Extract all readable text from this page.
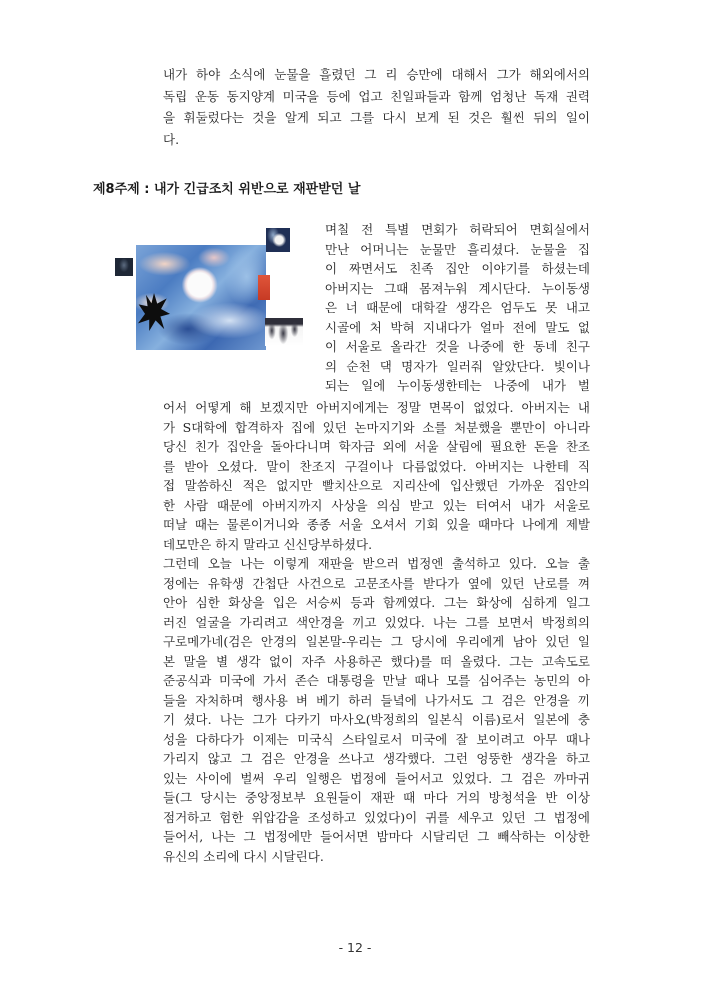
내가 하야 소식에 눈물을 흘렸던 그 리 승만에 대해서 그가 해외에서의
독립 운동 동지양계 미국을 등에 업고 친일파들과 함께 엄청난 독재 권력
을 휘둘렀다는 것을 알게 되고 그를 다시 보게 된 것은 훨씬 뒤의 일이
다.
제8주제 : 내가 긴급조치 위반으로 재판받던 날
며칠 전 특별 면회가 허락되어 면회실에서
만난 어머니는 눈물만 흘리셨다. 눈물을 집
이 짜면서도 친족 집안 이야기를 하셨는데
아버지는 그때 몸져누워 계시단다. 누이동생
은 너 때문에 대학갈 생각은 엄두도 못 내고
시골에 처 박혀 지내다가 얼마 전에 말도 없
이 서울로 올라간 것을 나중에 한 동네 친구
의 순천 댁 명자가 일러줘 알았단다. 빛이나
되는 일에 누이동생한테는 나중에 내가 벌
어서 어떻게 해 보겠지만 아버지에게는 정말 면목이 없었다. 아버지는 내
가 S대학에 합격하자 집에 있던 논마지기와 소를 처분했을 뿐만이 아니라
당신 친가 집안을 돌아다니며 학자금 외에 서울 살림에 필요한 돈을 찬조
를 받아 오셨다. 말이 찬조지 구걸이나 다름없었다. 아버지는 나한테 직
접 말씀하신 적은 없지만 빨치산으로 지리산에 입산했던 가까운 집안의
한 사람 때문에 아버지까지 사상을 의심 받고 있는 터여서 내가 서울로
떠날 때는 물론이거니와 종종 서울 오셔서 기회 있을 때마다 나에게 제발
데모만은 하지 말라고 신신당부하셨다.
그런데 오늘 나는 이렇게 재판을 받으러 법정엔 출석하고 있다. 오늘 출
정에는 유학생 간첩단 사건으로 고문조사를 받다가 옆에 있던 난로를 껴
안아 심한 화상을 입은 서승씨 등과 함께였다. 그는 화상에 심하게 일그
러진 얼굴을 가리려고 색안경을 끼고 있었다. 나는 그를 보면서 박정희의
구로메가네(검은 안경의 일본말-우리는 그 당시에 우리에게 남아 있던 일
본 말을 별 생각 없이 자주 사용하곤 했다)를 떠 올렸다. 그는 고속도로
준공식과 미국에 가서 존슨 대통령을 만날 때나 모를 심어주는 농민의 아
들을 자처하며 행사용 벼 베기 하러 들녘에 나가서도 그 검은 안경을 끼
기 셨다. 나는 그가 다카기 마사오(박정희의 일본식 이름)로서 일본에 충
성을 다하다가 이제는 미국식 스타일로서 미국에 잘 보이려고 아무 때나
가리지 않고 그 검은 안경을 쓰나고 생각했다. 그런 엉뚱한 생각을 하고
있는 사이에 벌써 우리 일행은 법정에 들어서고 있었다. 그 검은 까마귀
들(그 당시는 중앙정보부 요원들이 재판 때 마다 거의 방청석을 반 이상
점거하고 험한 위압감을 조성하고 있었다)이 귀를 세우고 있던 그 법정에
들어서, 나는 그 법정에만 들어서면 밤마다 시달리던 그 빼삭하는 이상한
유신의 소리에 다시 시달린다.
- 12 -
